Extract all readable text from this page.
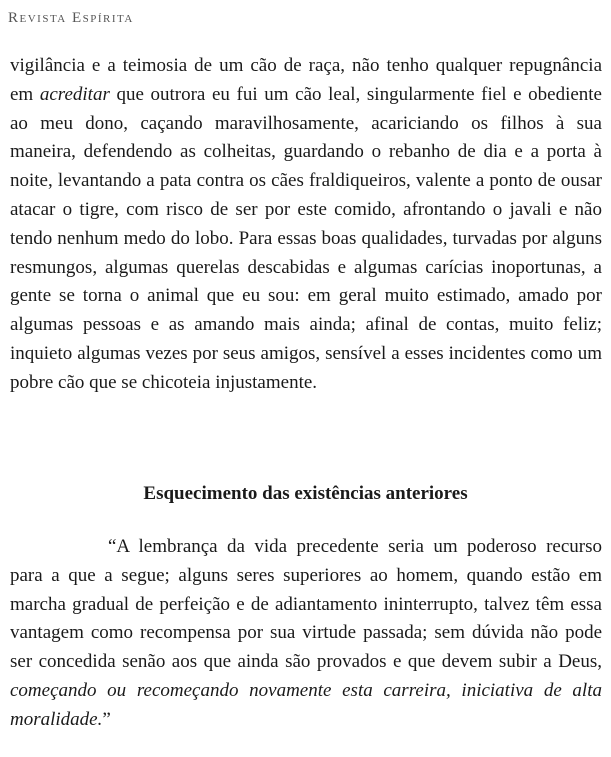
Revista Espírita

vigilância e a teimosia de um cão de raça, não tenho qualquer repugnância em acreditar que outrora eu fui um cão leal, singularmente fiel e obediente ao meu dono, caçando maravilhosamente, acariciando os filhos à sua maneira, defendendo as colheitas, guardando o rebanho de dia e a porta à noite, levantando a pata contra os cães fraldiqueiros, valente a ponto de ousar atacar o tigre, com risco de ser por este comido, afrontando o javali e não tendo nenhum medo do lobo. Para essas boas qualidades, turvadas por alguns resmungos, algumas querelas descabidas e algumas carícias inoportunas, a gente se torna o animal que eu sou: em geral muito estimado, amado por algumas pessoas e as amando mais ainda; afinal de contas, muito feliz; inquieto algumas vezes por seus amigos, sensível a esses incidentes como um pobre cão que se chicoteia injustamente.

Esquecimento das existências anteriores

“A lembrança da vida precedente seria um poderoso recurso para a que a segue; alguns seres superiores ao homem, quando estão em marcha gradual de perfeição e de adiantamento ininterrupto, talvez têm essa vantagem como recompensa por sua virtude passada; sem dúvida não pode ser concedida senão aos que ainda são provados e que devem subir a Deus, começando ou recomeçando novamente esta carreira, iniciativa de alta moralidade.”
